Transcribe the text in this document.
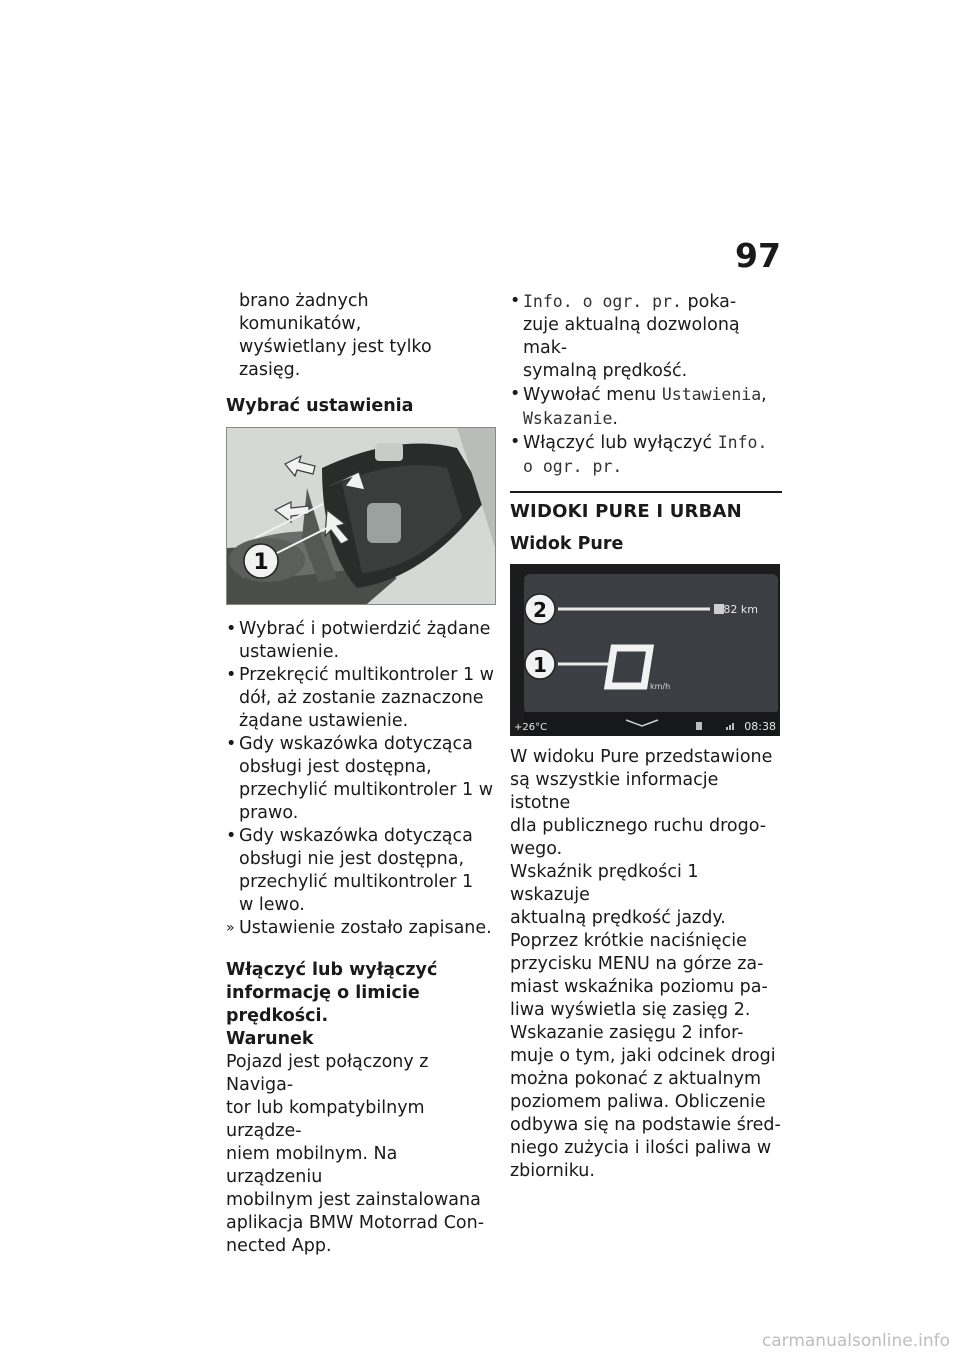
97

brano żadnych komunikatów,

wyświetlany jest tylko zasięg.

Wybrać ustawienia

1
• Wybrać i potwierdzić żądane
ustawienie.
• Przekręcić multikontroler 1 w
dół, aż zostanie zaznaczone
żądane ustawienie.
• Gdy wskazówka dotycząca
obsługi jest dostępna,
przechylić multikontroler 1 w
prawo.
• Gdy wskazówka dotycząca
obsługi nie jest dostępna,
przechylić multikontroler 1
w lewo.
» Ustawienie zostało zapisane.

Włączyć lub wyłączyć

informację o limicie

prędkości.

Warunek

Pojazd jest połączony z Naviga-

tor lub kompatybilnym urządze-

niem mobilnym. Na urządzeniu

mobilnym jest zainstalowana

aplikacja BMW Motorrad Con-

nected App.

• Info. o ogr. pr. poka-
zuje aktualną dozwoloną mak-
symalną prędkość.
• Wywołać menu Ustawienia,
Wskazanie.
• Włączyć lub wyłączyć Info.
o ogr. pr.

WIDOKI PURE I URBAN

Widok Pure

82 km
km/h
2
1
+26°C	08:38

W widoku Pure przedstawione

są wszystkie informacje istotne

dla publicznego ruchu drogo-

wego.

Wskaźnik prędkości 1 wskazuje

aktualną prędkość jazdy.

Poprzez krótkie naciśnięcie

przycisku MENU na górze za-

miast wskaźnika poziomu pa-

liwa wyświetla się zasięg 2.

Wskazanie zasięgu 2 infor-

muje o tym, jaki odcinek drogi

można pokonać z aktualnym

poziomem paliwa. Obliczenie

odbywa się na podstawie śred-

niego zużycia i ilości paliwa w

zbiorniku.

carmanualsonline.info
